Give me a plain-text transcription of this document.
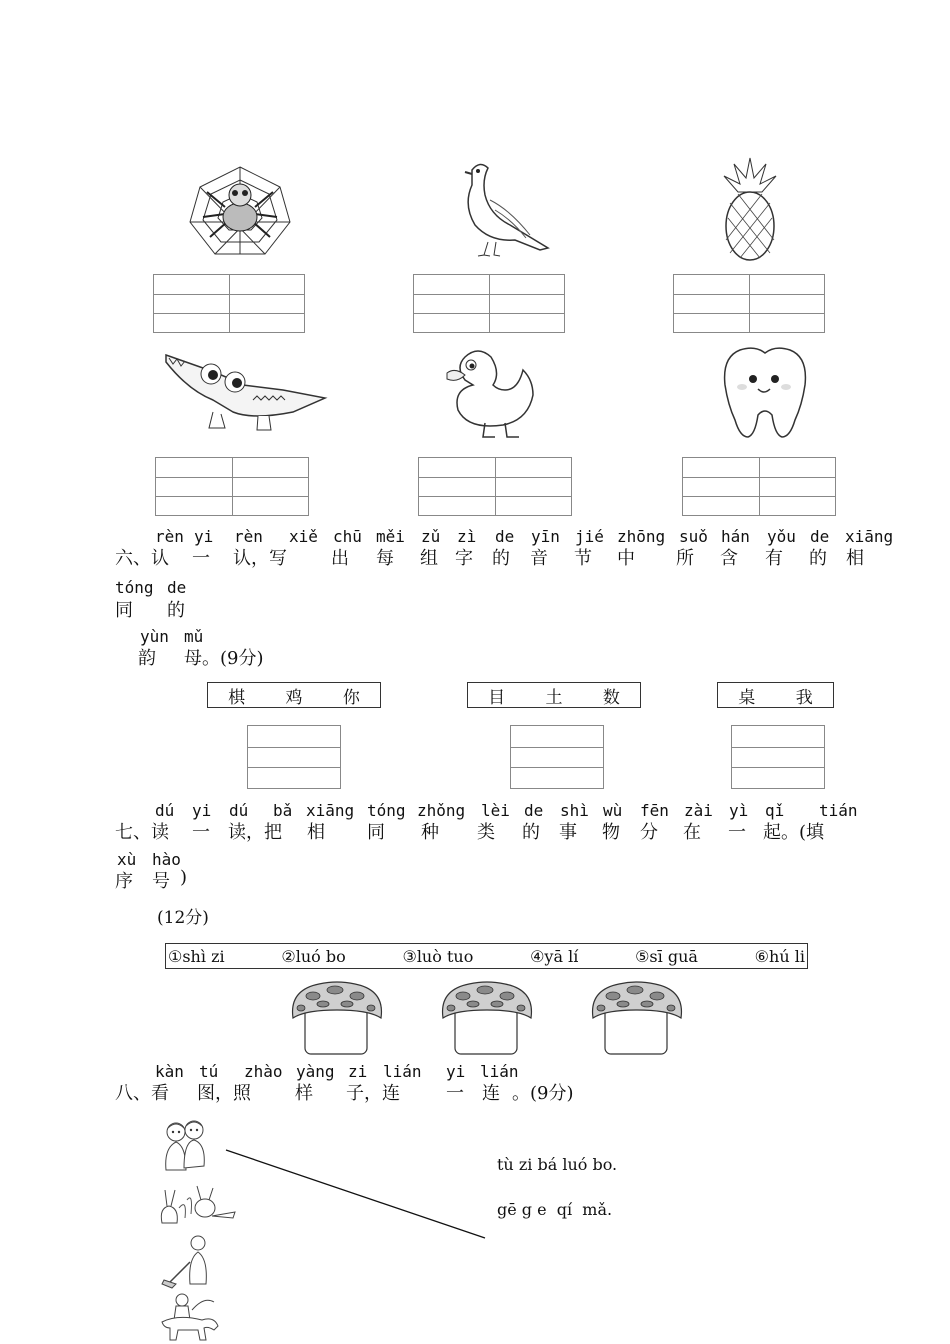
rèn yi rèn xiě chū měi zǔ zì de yīn jié zhōng suǒ hán yǒu de xiāng
六、认 一 认，写 出 每 组 字 的 音 节 中 所 含 有 的 相
tóng de
同 的
yùn mǔ
韵 母。(9分)
棋 鸡 你	目 土 数	桌 我
dú yi dú bǎ xiāng tóng zhǒng lèi de shì wù fēn zài yì qǐ tián
七、读 一 读，把 相 同 种 类 的 事 物 分 在 一 起。(填
xù hào
序 号 )
(12分)
①shì zi	②luó bo	③luò tuo	④yā lí	⑤sī guā	⑥hú li
kàn tú zhào yàng zi lián yi lián
八、看 图，照 样 子，连	一 连 。(9分)
tù zi bá luó bo.
gē g e  qí  mǎ.
